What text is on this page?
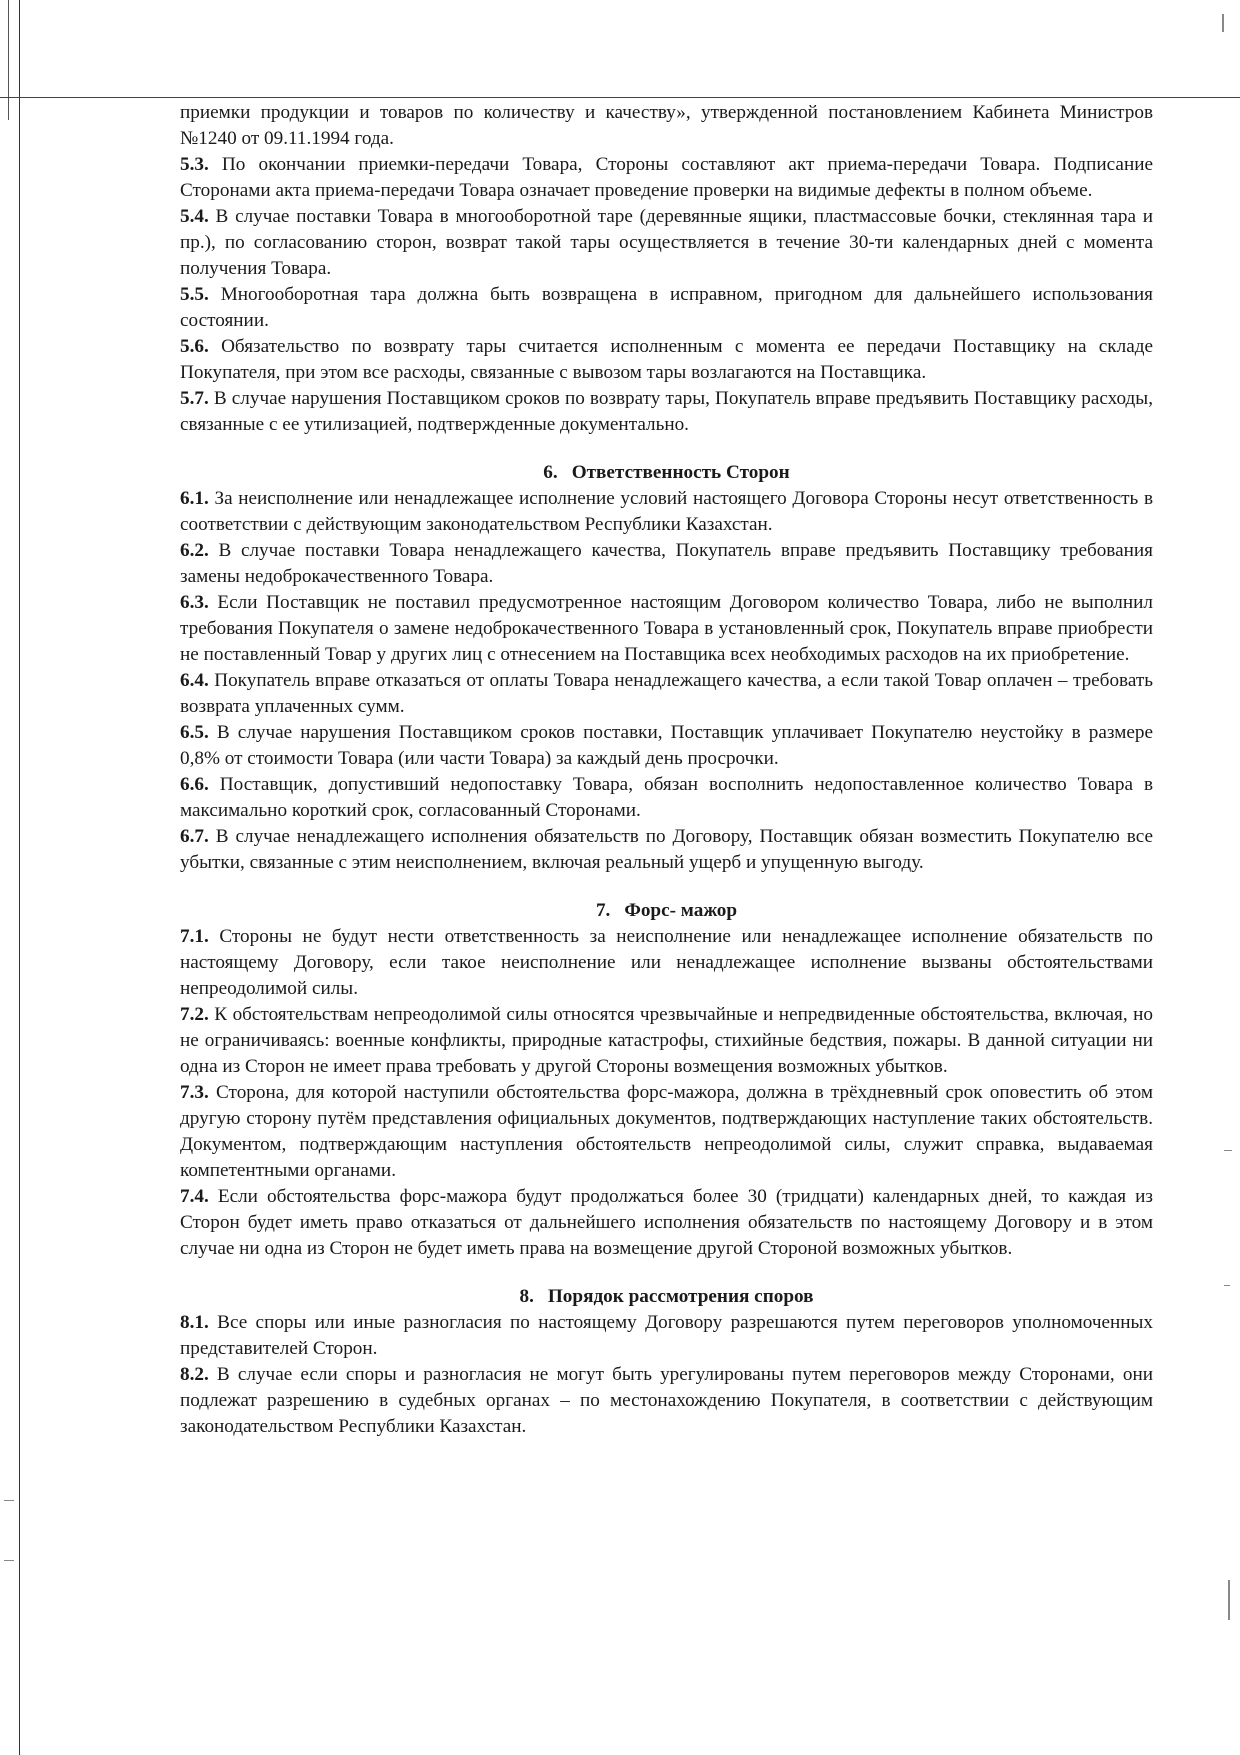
приемки продукции и товаров по количеству и качеству», утвержденной постановлением Кабинета Министров №1240 от 09.11.1994 года.

5.3. По окончании приемки-передачи Товара, Стороны составляют акт приема-передачи Товара. Подписание Сторонами акта приема-передачи Товара означает проведение проверки на видимые дефекты в полном объеме.

5.4. В случае поставки Товара в многооборотной таре (деревянные ящики, пластмассовые бочки, стеклянная тара и пр.), по согласованию сторон, возврат такой тары осуществляется в течение 30-ти календарных дней с момента получения Товара.

5.5. Многооборотная тара должна быть возвращена в исправном, пригодном для дальнейшего использования состоянии.

5.6. Обязательство по возврату тары считается исполненным с момента ее передачи Поставщику на складе Покупателя, при этом все расходы, связанные с вывозом тары возлагаются на Поставщика.

5.7. В случае нарушения Поставщиком сроков по возврату тары, Покупатель вправе предъявить Поставщику расходы, связанные с ее утилизацией, подтвержденные документально.

6. Ответственность Сторон

6.1. За неисполнение или ненадлежащее исполнение условий настоящего Договора Стороны несут ответственность в соответствии с действующим законодательством Республики Казахстан.

6.2. В случае поставки Товара ненадлежащего качества, Покупатель вправе предъявить Поставщику требования замены недоброкачественного Товара.

6.3. Если Поставщик не поставил предусмотренное настоящим Договором количество Товара, либо не выполнил требования Покупателя о замене недоброкачественного Товара в установленный срок, Покупатель вправе приобрести не поставленный Товар у других лиц с отнесением на Поставщика всех необходимых расходов на их приобретение.

6.4. Покупатель вправе отказаться от оплаты Товара ненадлежащего качества, а если такой Товар оплачен – требовать возврата уплаченных сумм.

6.5. В случае нарушения Поставщиком сроков поставки, Поставщик уплачивает Покупателю неустойку в размере 0,8% от стоимости Товара (или части Товара) за каждый день просрочки.

6.6. Поставщик, допустивший недопоставку Товара, обязан восполнить недопоставленное количество Товара в максимально короткий срок, согласованный Сторонами.

6.7. В случае ненадлежащего исполнения обязательств по Договору, Поставщик обязан возместить Покупателю все убытки, связанные с этим неисполнением, включая реальный ущерб и упущенную выгоду.

7. Форс- мажор

7.1. Стороны не будут нести ответственность за неисполнение или ненадлежащее исполнение обязательств по настоящему Договору, если такое неисполнение или ненадлежащее исполнение вызваны обстоятельствами непреодолимой силы.

7.2. К обстоятельствам непреодолимой силы относятся чрезвычайные и непредвиденные обстоятельства, включая, но не ограничиваясь: военные конфликты, природные катастрофы, стихийные бедствия, пожары. В данной ситуации ни одна из Сторон не имеет права требовать у другой Стороны возмещения возможных убытков.

7.3. Сторона, для которой наступили обстоятельства форс-мажора, должна в трёхдневный срок оповестить об этом другую сторону путём представления официальных документов, подтверждающих наступление таких обстоятельств. Документом, подтверждающим наступления обстоятельств непреодолимой силы, служит справка, выдаваемая компетентными органами.

7.4. Если обстоятельства форс-мажора будут продолжаться более 30 (тридцати) календарных дней, то каждая из Сторон будет иметь право отказаться от дальнейшего исполнения обязательств по настоящему Договору и в этом случае ни одна из Сторон не будет иметь права на возмещение другой Стороной возможных убытков.

8. Порядок рассмотрения споров

8.1. Все споры или иные разногласия по настоящему Договору разрешаются путем переговоров уполномоченных представителей Сторон.

8.2. В случае если споры и разногласия не могут быть урегулированы путем переговоров между Сторонами, они подлежат разрешению в судебных органах – по местонахождению Покупателя, в соответствии с действующим законодательством Республики Казахстан.
